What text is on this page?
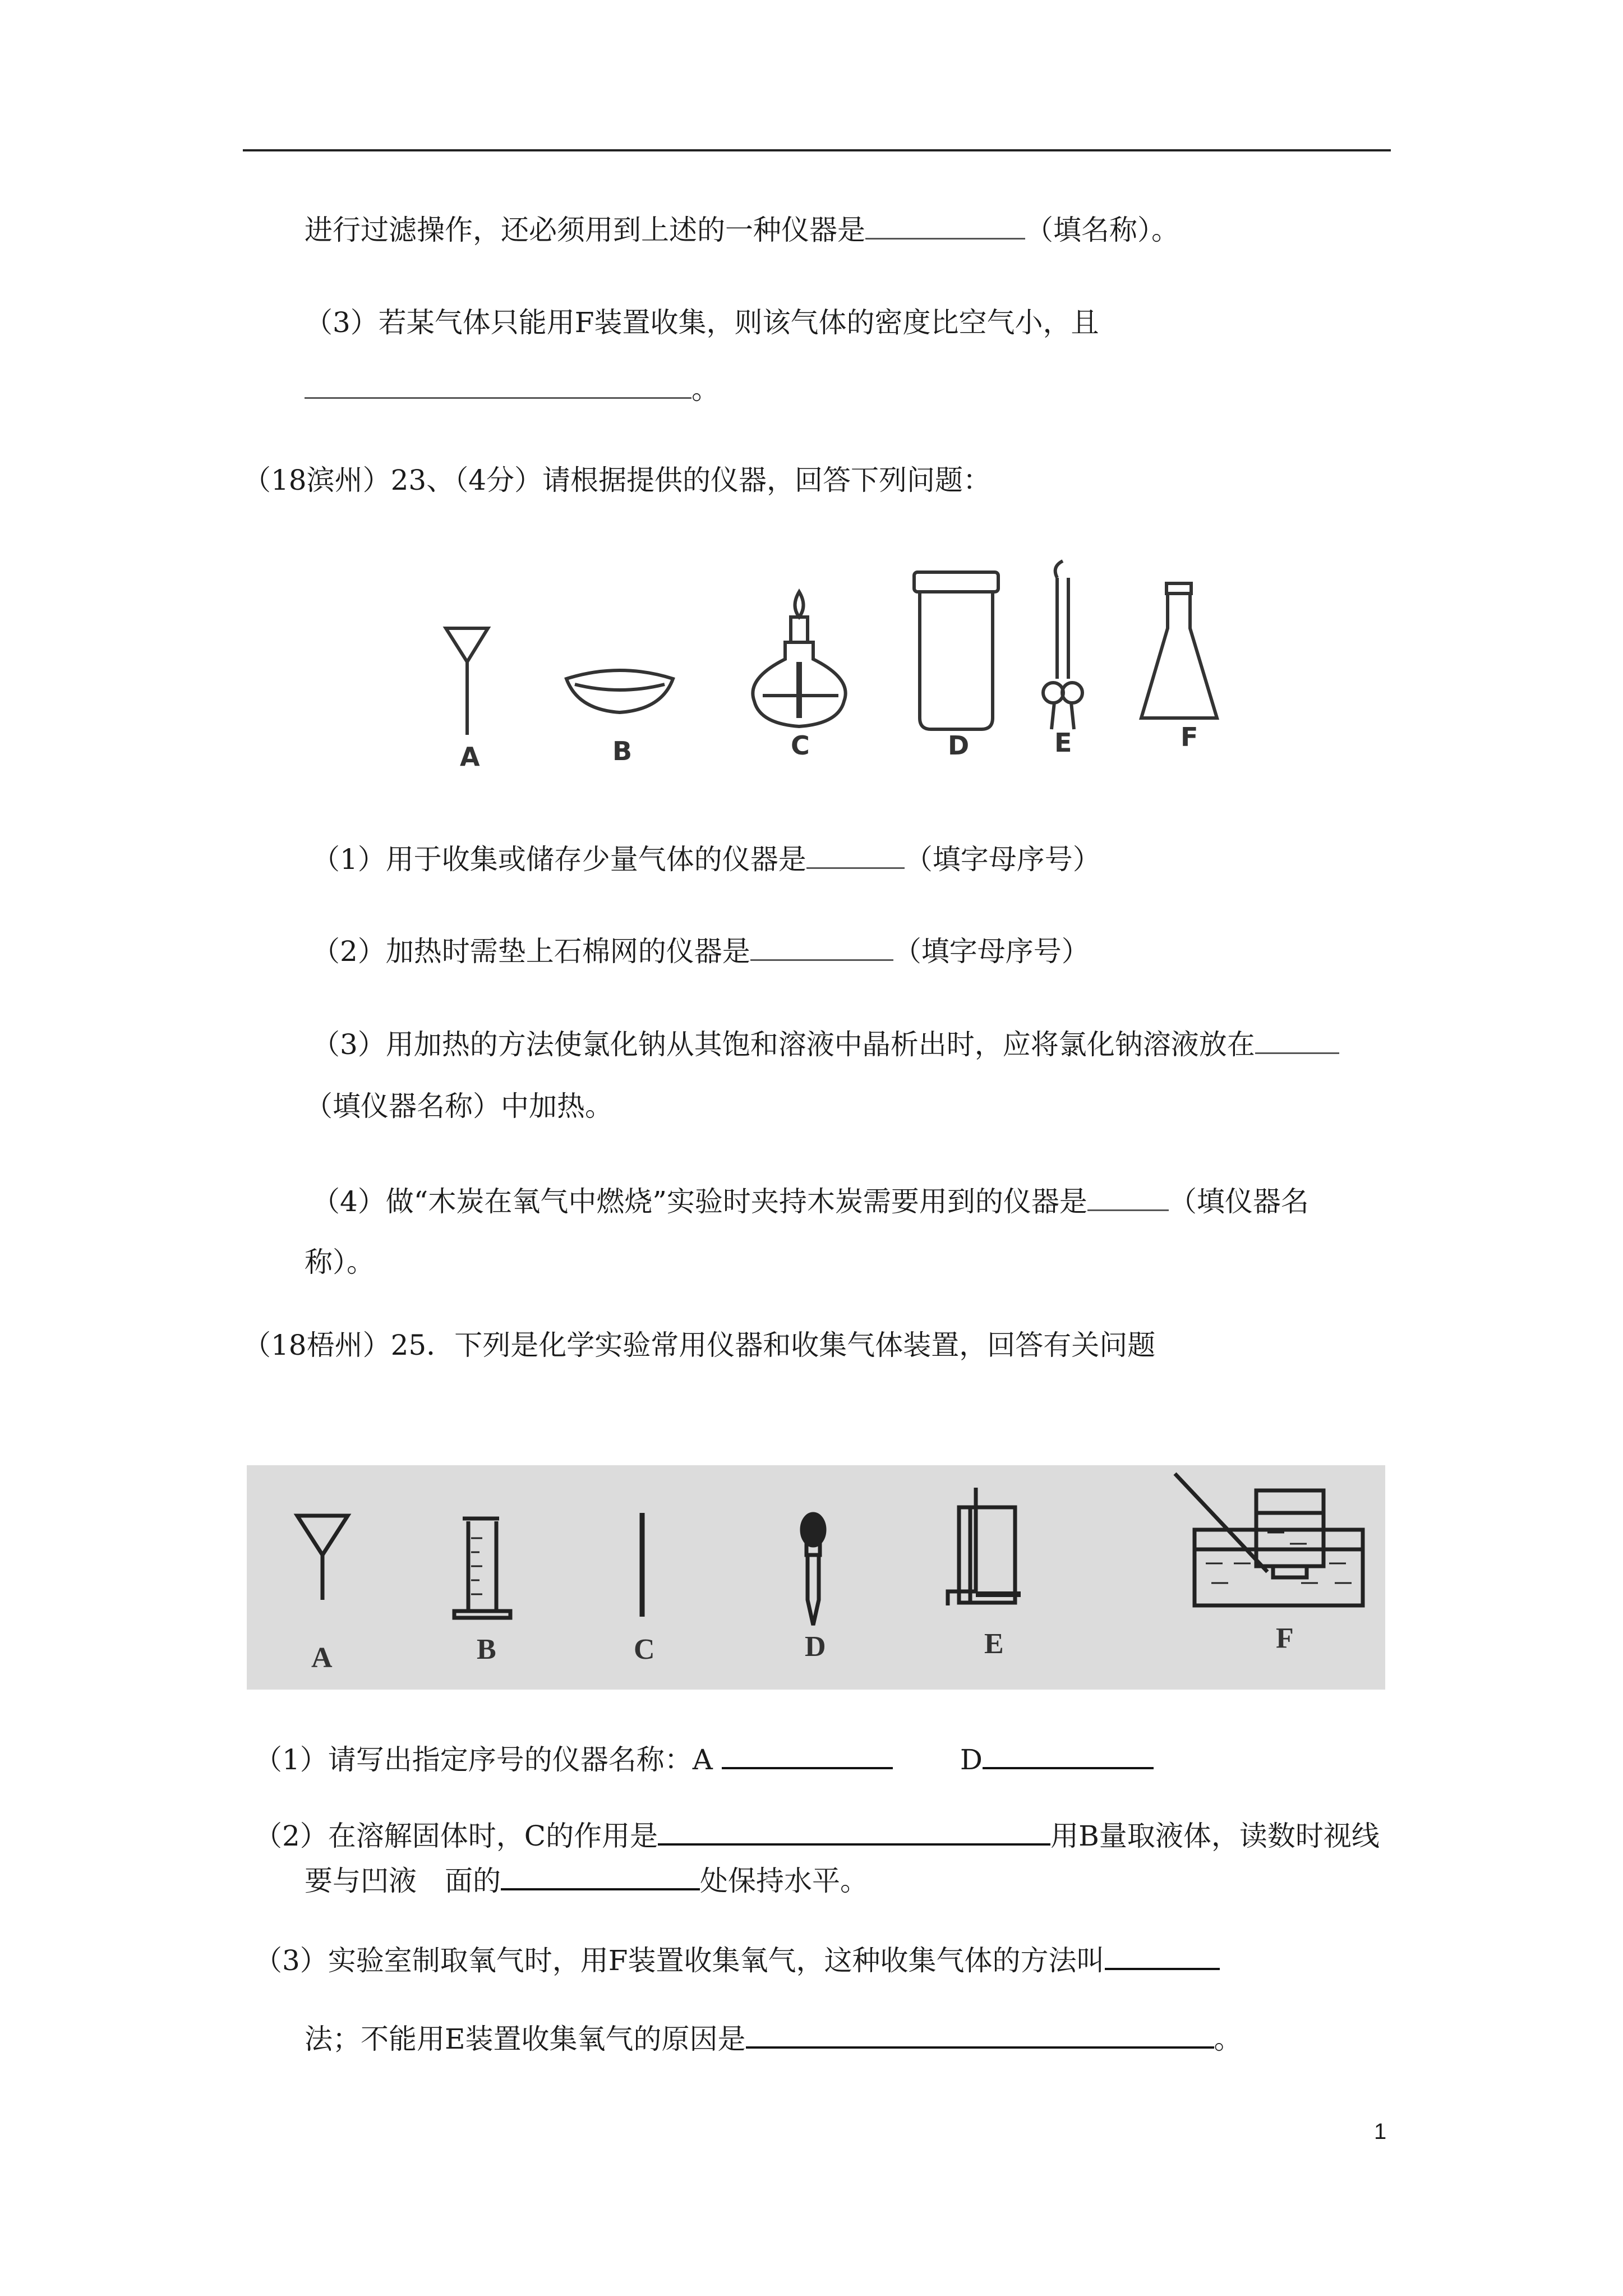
进行过滤操作，还必须用到上述的一种仪器是	（填名称）。
（3）若某气体只能用F装置收集，则该气体的密度比空气小，且
。
（18滨州）23、（4分）请根据提供的仪器，回答下列问题：
A	B	C	D	E	F
（1）用于收集或储存少量气体的仪器是	（填字母序号）
（2）加热时需垫上石棉网的仪器是	（填字母序号）
（3）用加热的方法使氯化钠从其饱和溶液中晶析出时，应将氯化钠溶液放在
（填仪器名称）中加热。
（4）做“木炭在氧气中燃烧”实验时夹持木炭需要用到的仪器是	（填仪器名
称）。
（18梧州）25．下列是化学实验常用仪器和收集气体装置，回答有关问题
A	B	C	D	E	F
（1）请写出指定序号的仪器名称：A	D
（2）在溶解固体时，C的作用是	用B量取液体，读数时视线
要与凹液　面的	处保持水平。
（3）实验室制取氧气时，用F装置收集氧气，这种收集气体的方法叫
法；不能用E装置收集氧气的原因是	。
1
